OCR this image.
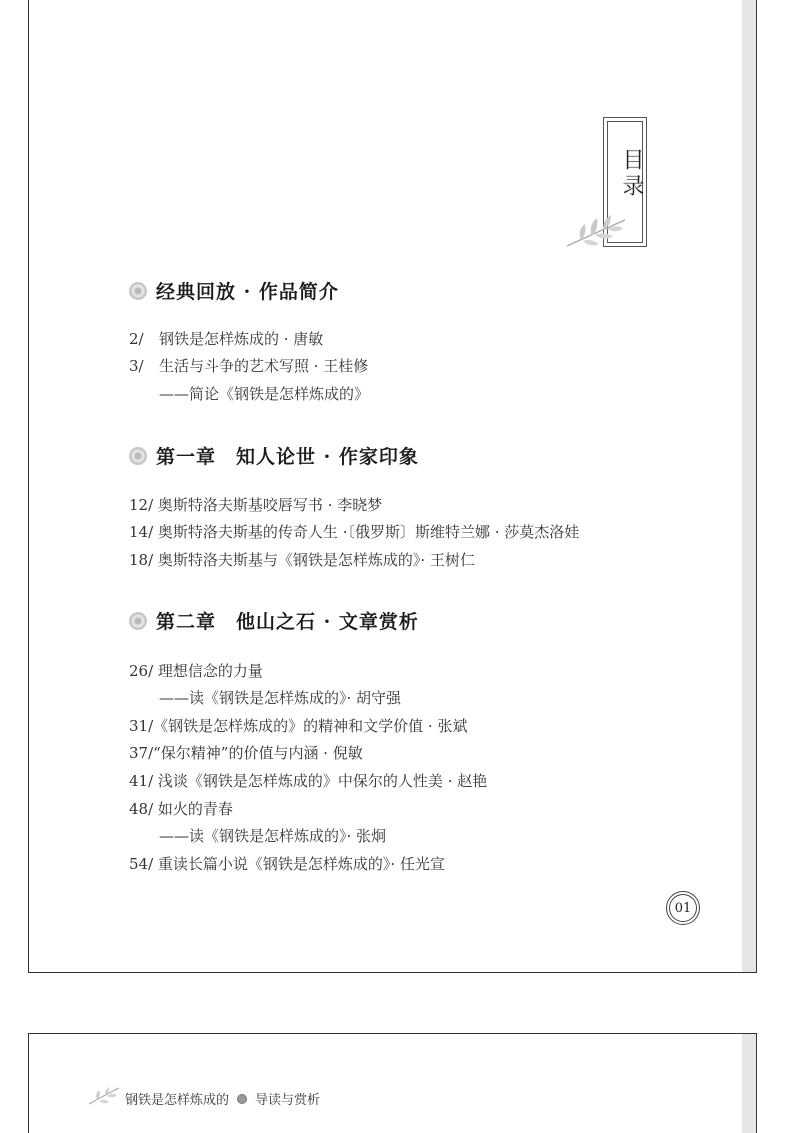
目录
经典回放 · 作品简介
2/ 钢铁是怎样炼成的 · 唐敏
3/ 生活与斗争的艺术写照 · 王桂修
——简论《钢铁是怎样炼成的》
第一章　知人论世 · 作家印象
12/ 奥斯特洛夫斯基咬唇写书 · 李晓梦
14/ 奥斯特洛夫斯基的传奇人生 ·〔俄罗斯〕斯维特兰娜 · 莎莫杰洛娃
18/ 奥斯特洛夫斯基与《钢铁是怎样炼成的》· 王树仁
第二章　他山之石 · 文章赏析
26/ 理想信念的力量
——读《钢铁是怎样炼成的》· 胡守强
31/《钢铁是怎样炼成的》的精神和文学价值 · 张斌
37/“保尔精神”的价值与内涵 · 倪敏
41/ 浅谈《钢铁是怎样炼成的》中保尔的人性美 · 赵艳
48/ 如火的青春
——读《钢铁是怎样炼成的》· 张炯
54/ 重读长篇小说《钢铁是怎样炼成的》· 任光宣
01
钢铁是怎样炼成的 导读与赏析
